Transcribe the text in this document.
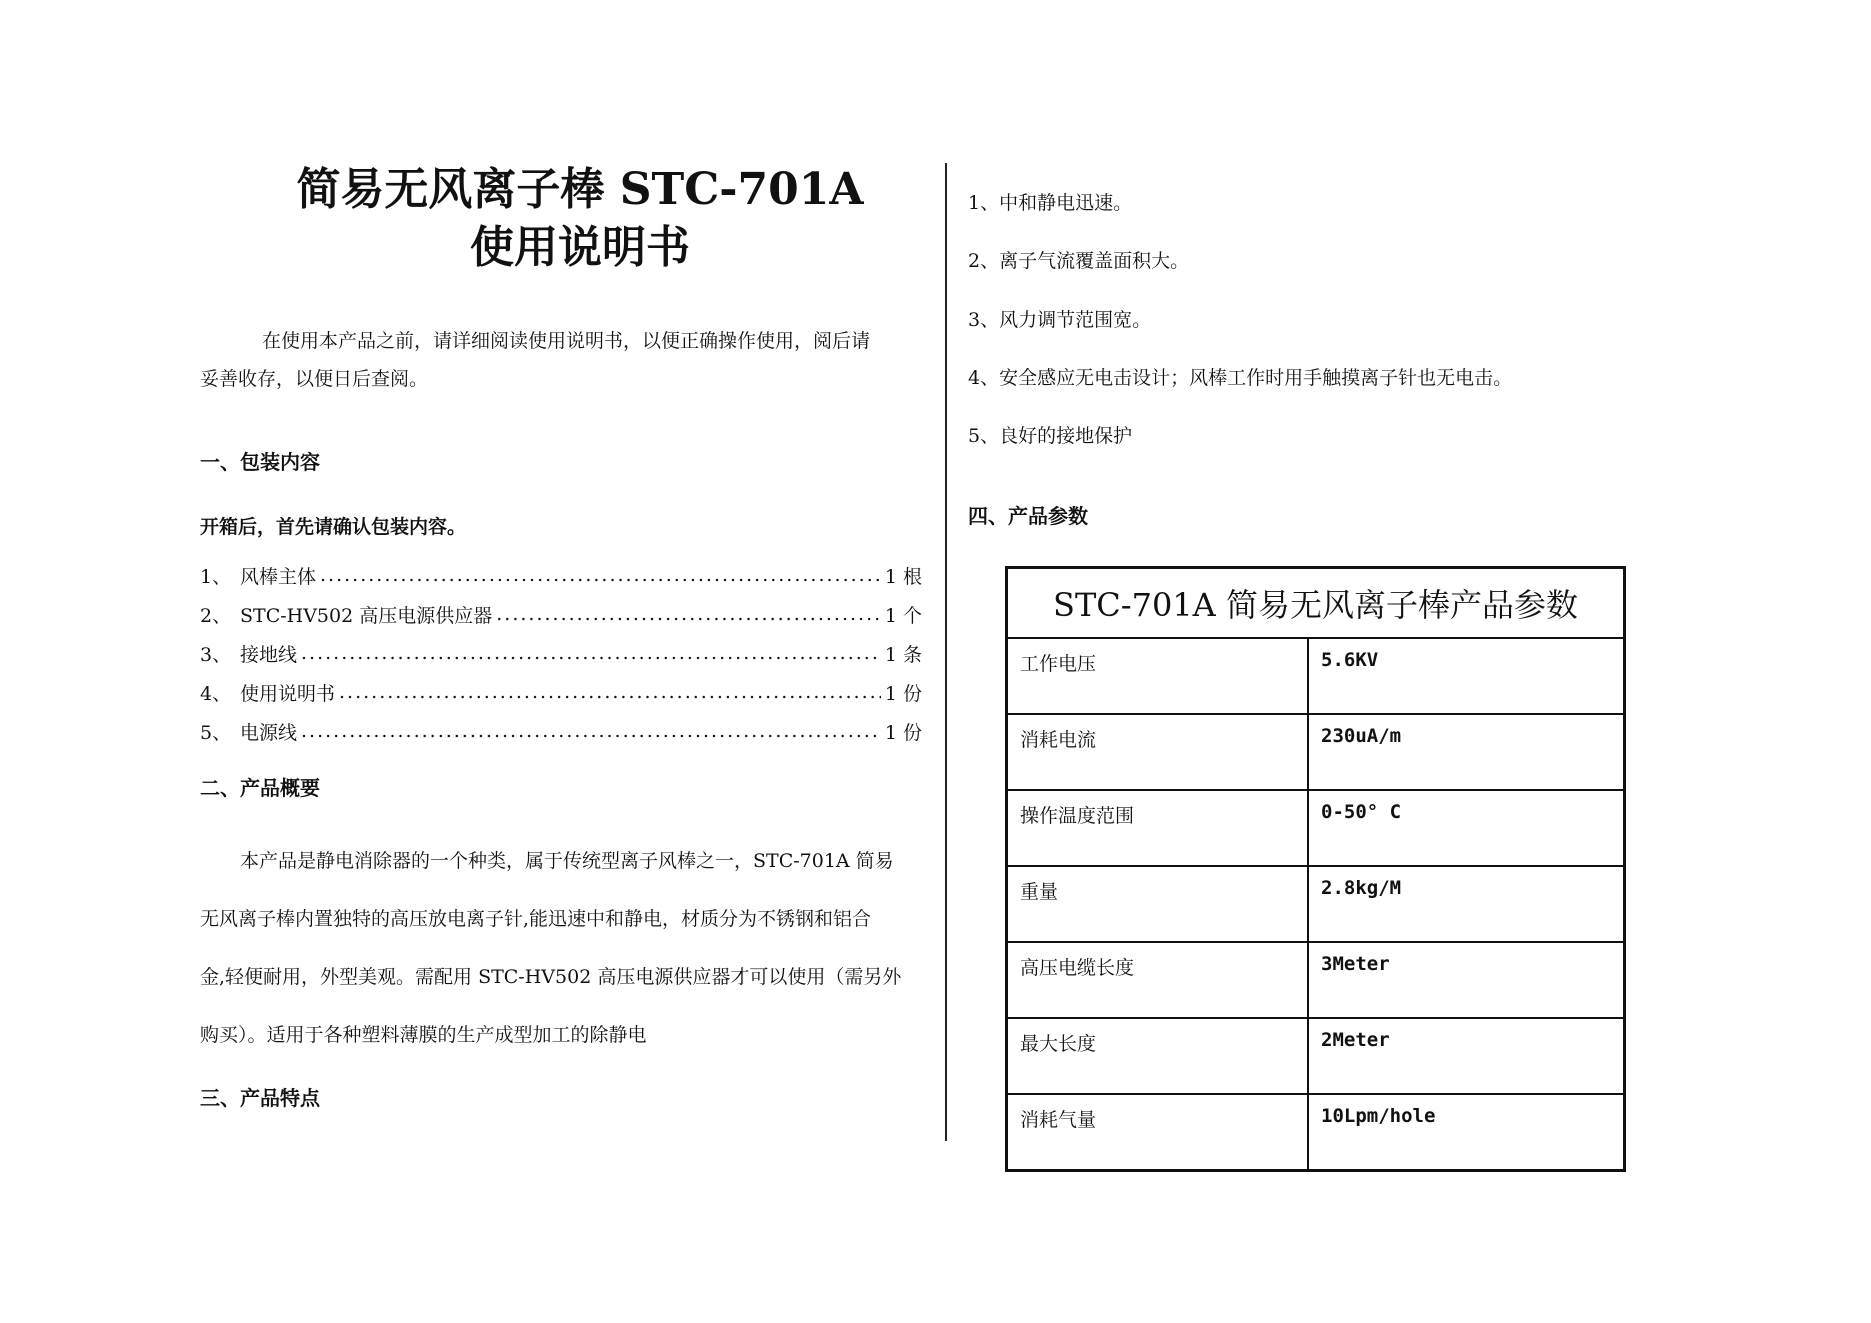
简易无风离子棒 STC-701A
使用说明书
在使用本产品之前，请详细阅读使用说明书，以便正确操作使用，阅后请
妥善收存，以便日后查阅。
一、包装内容
开箱后，首先请确认包装内容。
1、 风棒主体 .....	1 根
2、 STC-HV502 高压电源供应器 .....	1 个
3、 接地线 .....	1 条
4、 使用说明书 .....	1 份
5、 电源线 .....	1 份
二、产品概要
本产品是静电消除器的一个种类，属于传统型离子风棒之一，STC-701A 简易
无风离子棒内置独特的高压放电离子针,能迅速中和静电，材质分为不锈钢和铝合
金,轻便耐用，外型美观。需配用 STC-HV502 高压电源供应器才可以使用（需另外
购买）。适用于各种塑料薄膜的生产成型加工的除静电
三、产品特点
1、中和静电迅速。
2、离子气流覆盖面积大。
3、风力调节范围宽。
4、安全感应无电击设计；风棒工作时用手触摸离子针也无电击。
5、良好的接地保护
四、产品参数
STC-701A 简易无风离子棒产品参数	
工作电压	5.6KV
消耗电流	230uA/m
操作温度范围	0-50° C
重量	2.8kg/M
高压电缆长度	3Meter
最大长度	2Meter
消耗气量	10Lpm/hole
